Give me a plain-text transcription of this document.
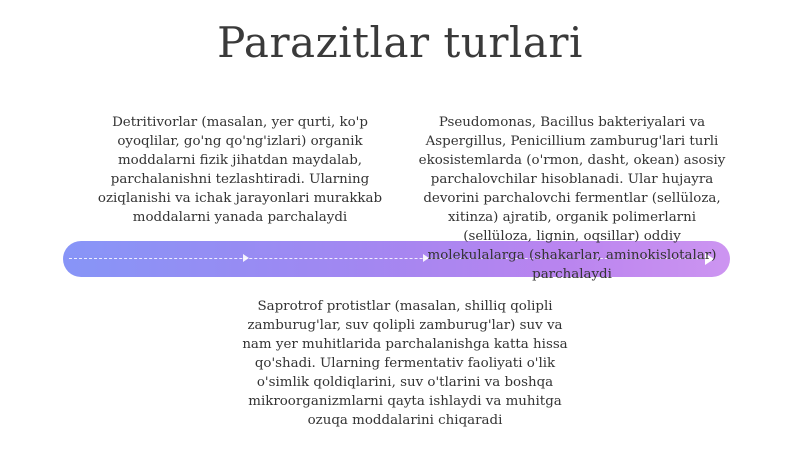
Parazitlar turlari

Detritivorlar (masalan, yer qurti, ko'p oyoqlilar, go'ng qo'ng'izlari) organik moddalarni fizik jihatdan maydalab, parchalanishni tezlashtiradi. Ularning oziqlanishi va ichak jarayonlari murakkab moddalarni yanada parchalaydi

Pseudomonas, Bacillus bakteriyalari va Aspergillus, Penicillium zamburug'lari turli ekosistemlarda (o'rmon, dasht, okean) asosiy parchalovchilar hisoblanadi. Ular hujayra devorini parchalovchi fermentlar (sellüloza, xitinza) ajratib, organik polimerlarni (sellüloza, lignin, oqsillar) oddiy molekulalarga (shakarlar, aminokislotalar) parchalaydi

Saprotrof protistlar (masalan, shilliq qolipli zamburug'lar, suv qolipli zamburug'lar) suv va nam yer muhitlarida parchalanishga katta hissa qo'shadi. Ularning fermentativ faoliyati o'lik o'simlik qoldiqlarini, suv o'tlarini va boshqa mikroorganizmlarni qayta ishlaydi va muhitga ozuqa moddalarini chiqaradi
